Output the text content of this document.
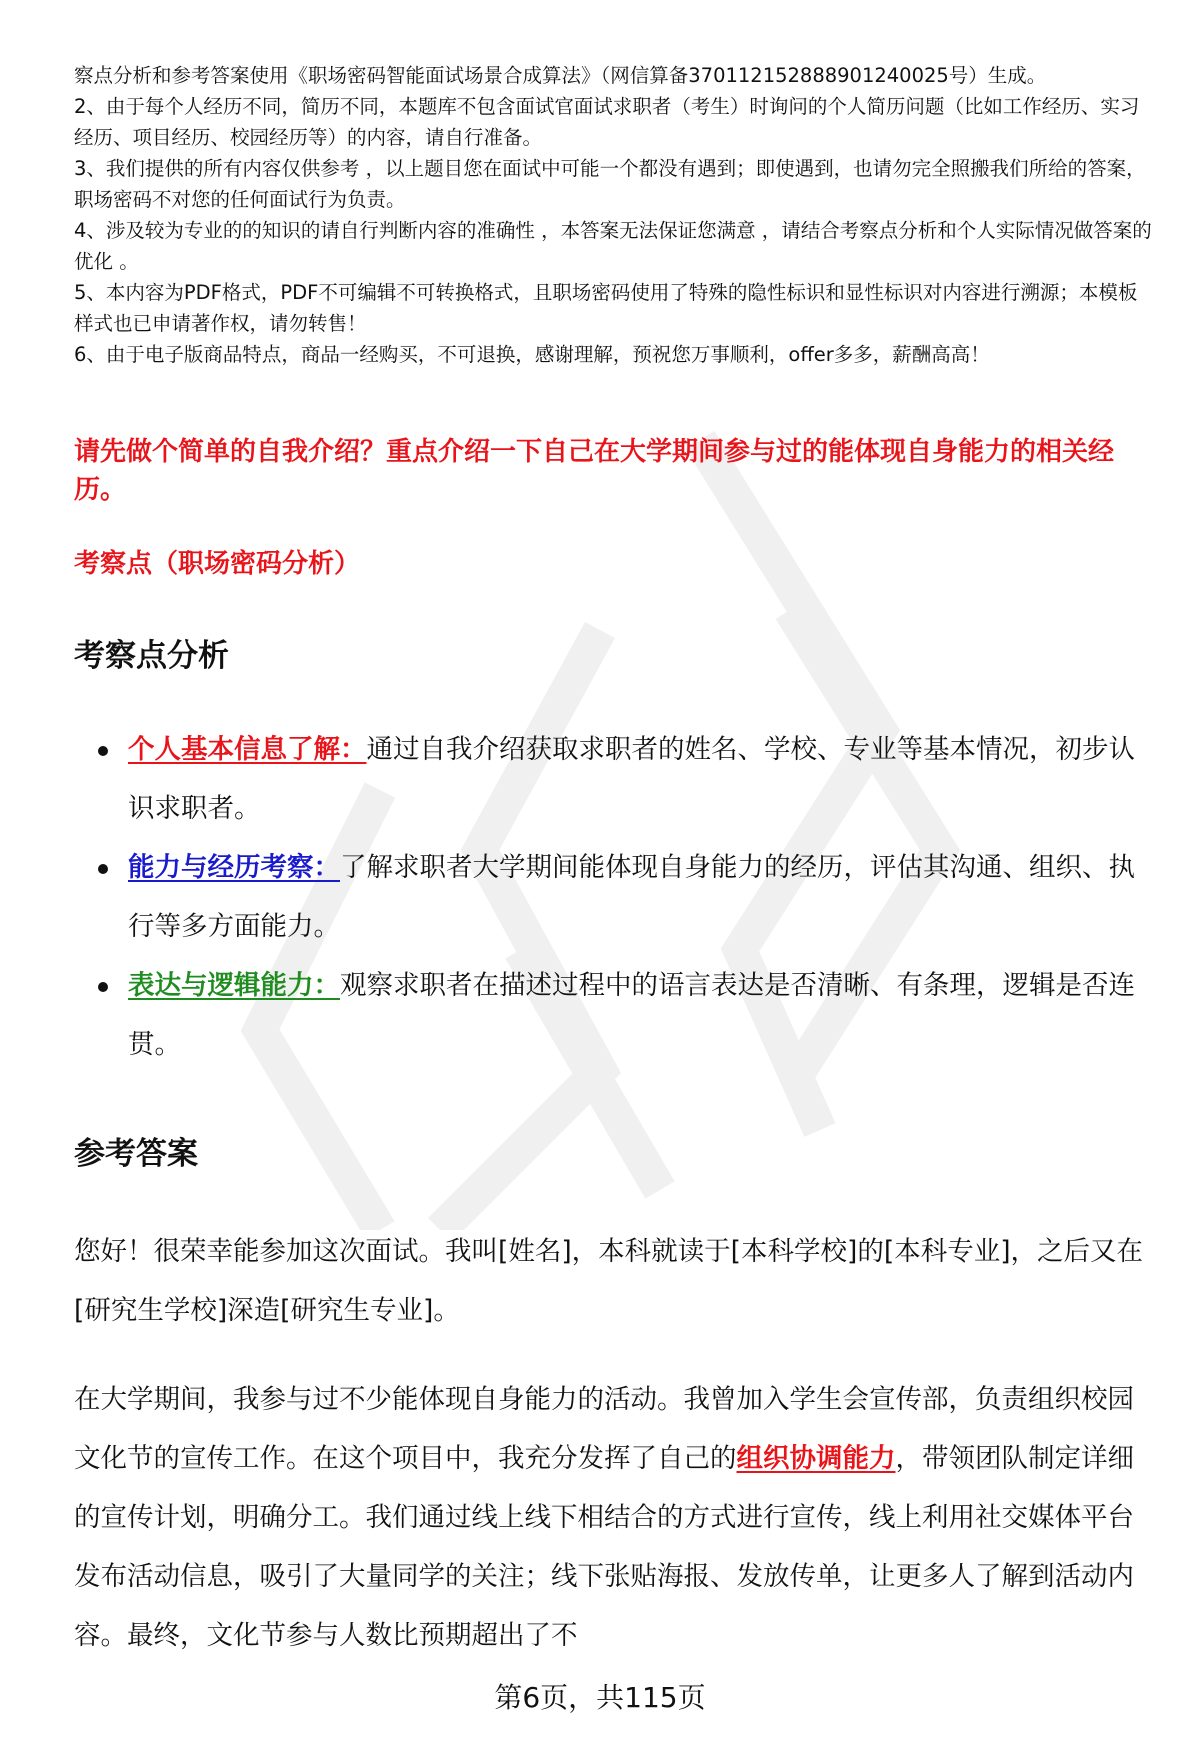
察点分析和参考答案使用《职场密码智能面试场景合成算法》（网信算备370112152888901240025号）生成。

2、由于每个人经历不同，简历不同，本题库不包含面试官面试求职者（考生）时询问的个人简历问题（比如工作经历、实习经历、项目经历、校园经历等）的内容，请自行准备。

3、我们提供的所有内容仅供参考 ，以上题目您在面试中可能一个都没有遇到；即使遇到，也请勿完全照搬我们所给的答案，职场密码不对您的任何面试行为负责。

4、涉及较为专业的的知识的请自行判断内容的准确性 ，本答案无法保证您满意 ，请结合考察点分析和个人实际情况做答案的优化 。

5、本内容为PDF格式，PDF不可编辑不可转换格式，且职场密码使用了特殊的隐性标识和显性标识对内容进行溯源；本模板样式也已申请著作权，请勿转售！

6、由于电子版商品特点，商品一经购买，不可退换，感谢理解，预祝您万事顺利，offer多多，薪酬高高！

请先做个简单的自我介绍？重点介绍一下自己在大学期间参与过的能体现自身能力的相关经历。
考察点（职场密码分析）
考察点分析
个人基本信息了解：通过自我介绍获取求职者的姓名、学校、专业等基本情况，初步认识求职者。
能力与经历考察：了解求职者大学期间能体现自身能力的经历，评估其沟通、组织、执行等多方面能力。
表达与逻辑能力：观察求职者在描述过程中的语言表达是否清晰、有条理，逻辑是否连贯。
参考答案

您好！很荣幸能参加这次面试。我叫[姓名]，本科就读于[本科学校]的[本科专业]，之后又在[研究生学校]深造[研究生专业]。

在大学期间，我参与过不少能体现自身能力的活动。我曾加入学生会宣传部，负责组织校园文化节的宣传工作。在这个项目中，我充分发挥了自己的组织协调能力，带领团队制定详细的宣传计划，明确分工。我们通过线上线下相结合的方式进行宣传，线上利用社交媒体平台发布活动信息，吸引了大量同学的关注；线下张贴海报、发放传单，让更多人了解到活动内容。最终，文化节参与人数比预期超出了不

第6页，共115页
